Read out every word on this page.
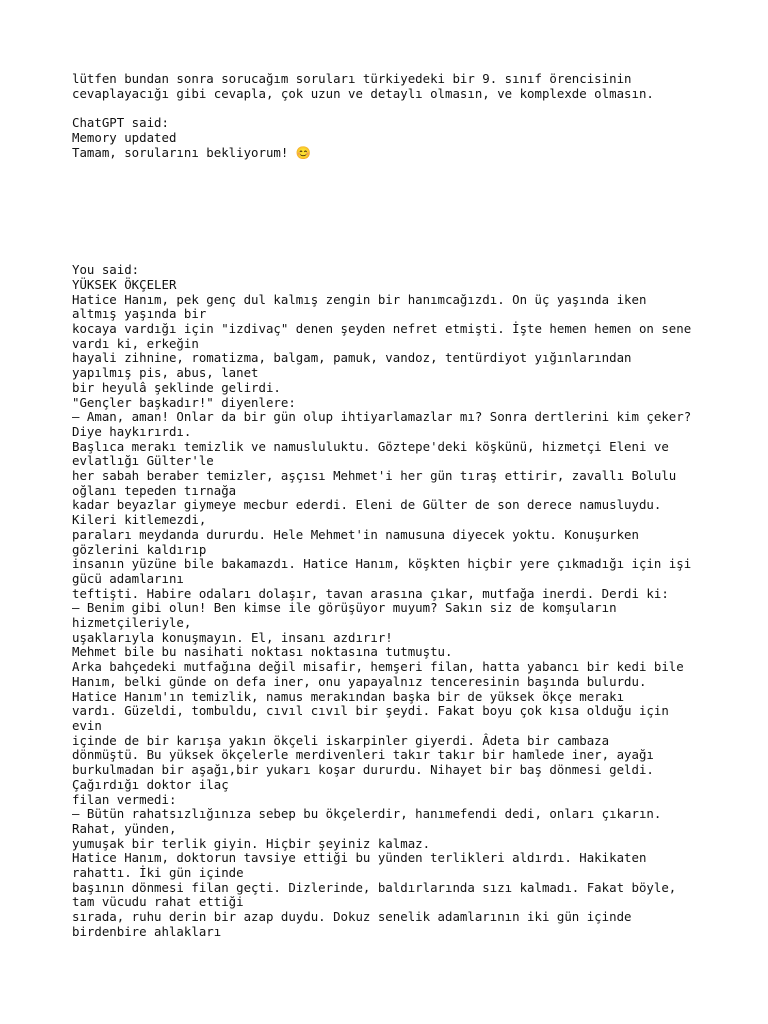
lütfen bundan sonra sorucağım soruları türkiyedeki bir 9. sınıf örencisinin
cevaplayacığı gibi cevapla, çok uzun ve detaylı olmasın, ve komplexde olmasın.
ChatGPT said:
Memory updated
Tamam, sorularını bekliyorum! 😊
You said:
YÜKSEK ÖKÇELER
Hatice Hanım, pek genç dul kalmış zengin bir hanımcağızdı. On üç yaşında iken
altmış yaşında bir
kocaya vardığı için "izdivaç" denen şeyden nefret etmişti. İşte hemen hemen on sene
vardı ki, erkeğin
hayali zihnine, romatizma, balgam, pamuk, vandoz, tentürdiyot yığınlarından
yapılmış pis, abus, lanet
bir heyulâ şeklinde gelirdi.
"Gençler başkadır!" diyenlere:
— Aman, aman! Onlar da bir gün olup ihtiyarlamazlar mı? Sonra dertlerini kim çeker?
Diye haykırırdı.
Başlıca merakı temizlik ve namusluluktu. Göztepe'deki köşkünü, hizmetçi Eleni ve
evlatlığı Gülter'le
her sabah beraber temizler, aşçısı Mehmet'i her gün tıraş ettirir, zavallı Bolulu
oğlanı tepeden tırnağa
kadar beyazlar giymeye mecbur ederdi. Eleni de Gülter de son derece namusluydu.
Kileri kitlemezdi,
paraları meydanda dururdu. Hele Mehmet'in namusuna diyecek yoktu. Konuşurken
gözlerini kaldırıp
insanın yüzüne bile bakamazdı. Hatice Hanım, köşkten hiçbir yere çıkmadığı için işi
gücü adamlarını
teftişti. Habire odaları dolaşır, tavan arasına çıkar, mutfağa inerdi. Derdi ki:
— Benim gibi olun! Ben kimse ile görüşüyor muyum? Sakın siz de komşuların
hizmetçileriyle,
uşaklarıyla konuşmayın. El, insanı azdırır!
Mehmet bile bu nasihati noktası noktasına tutmuştu.
Arka bahçedeki mutfağına değil misafir, hemşeri filan, hatta yabancı bir kedi bile
Hanım, belki günde on defa iner, onu yapayalnız tenceresinin başında bulurdu.
Hatice Hanım'ın temizlik, namus merakından başka bir de yüksek ökçe merakı
vardı. Güzeldi, tombuldu, cıvıl cıvıl bir şeydi. Fakat boyu çok kısa olduğu için
evin
içinde de bir karışa yakın ökçeli iskarpinler giyerdi. Âdeta bir cambaza
dönmüştü. Bu yüksek ökçelerle merdivenleri takır takır bir hamlede iner, ayağı
burkulmadan bir aşağı,bir yukarı koşar dururdu. Nihayet bir baş dönmesi geldi.
Çağırdığı doktor ilaç
filan vermedi:
— Bütün rahatsızlığınıza sebep bu ökçelerdir, hanımefendi dedi, onları çıkarın.
Rahat, yünden,
yumuşak bir terlik giyin. Hiçbir şeyiniz kalmaz.
Hatice Hanım, doktorun tavsiye ettiği bu yünden terlikleri aldırdı. Hakikaten
rahattı. İki gün içinde
başının dönmesi filan geçti. Dizlerinde, baldırlarında sızı kalmadı. Fakat böyle,
tam vücudu rahat ettiği
sırada, ruhu derin bir azap duydu. Dokuz senelik adamlarının iki gün içinde
birdenbire ahlakları
